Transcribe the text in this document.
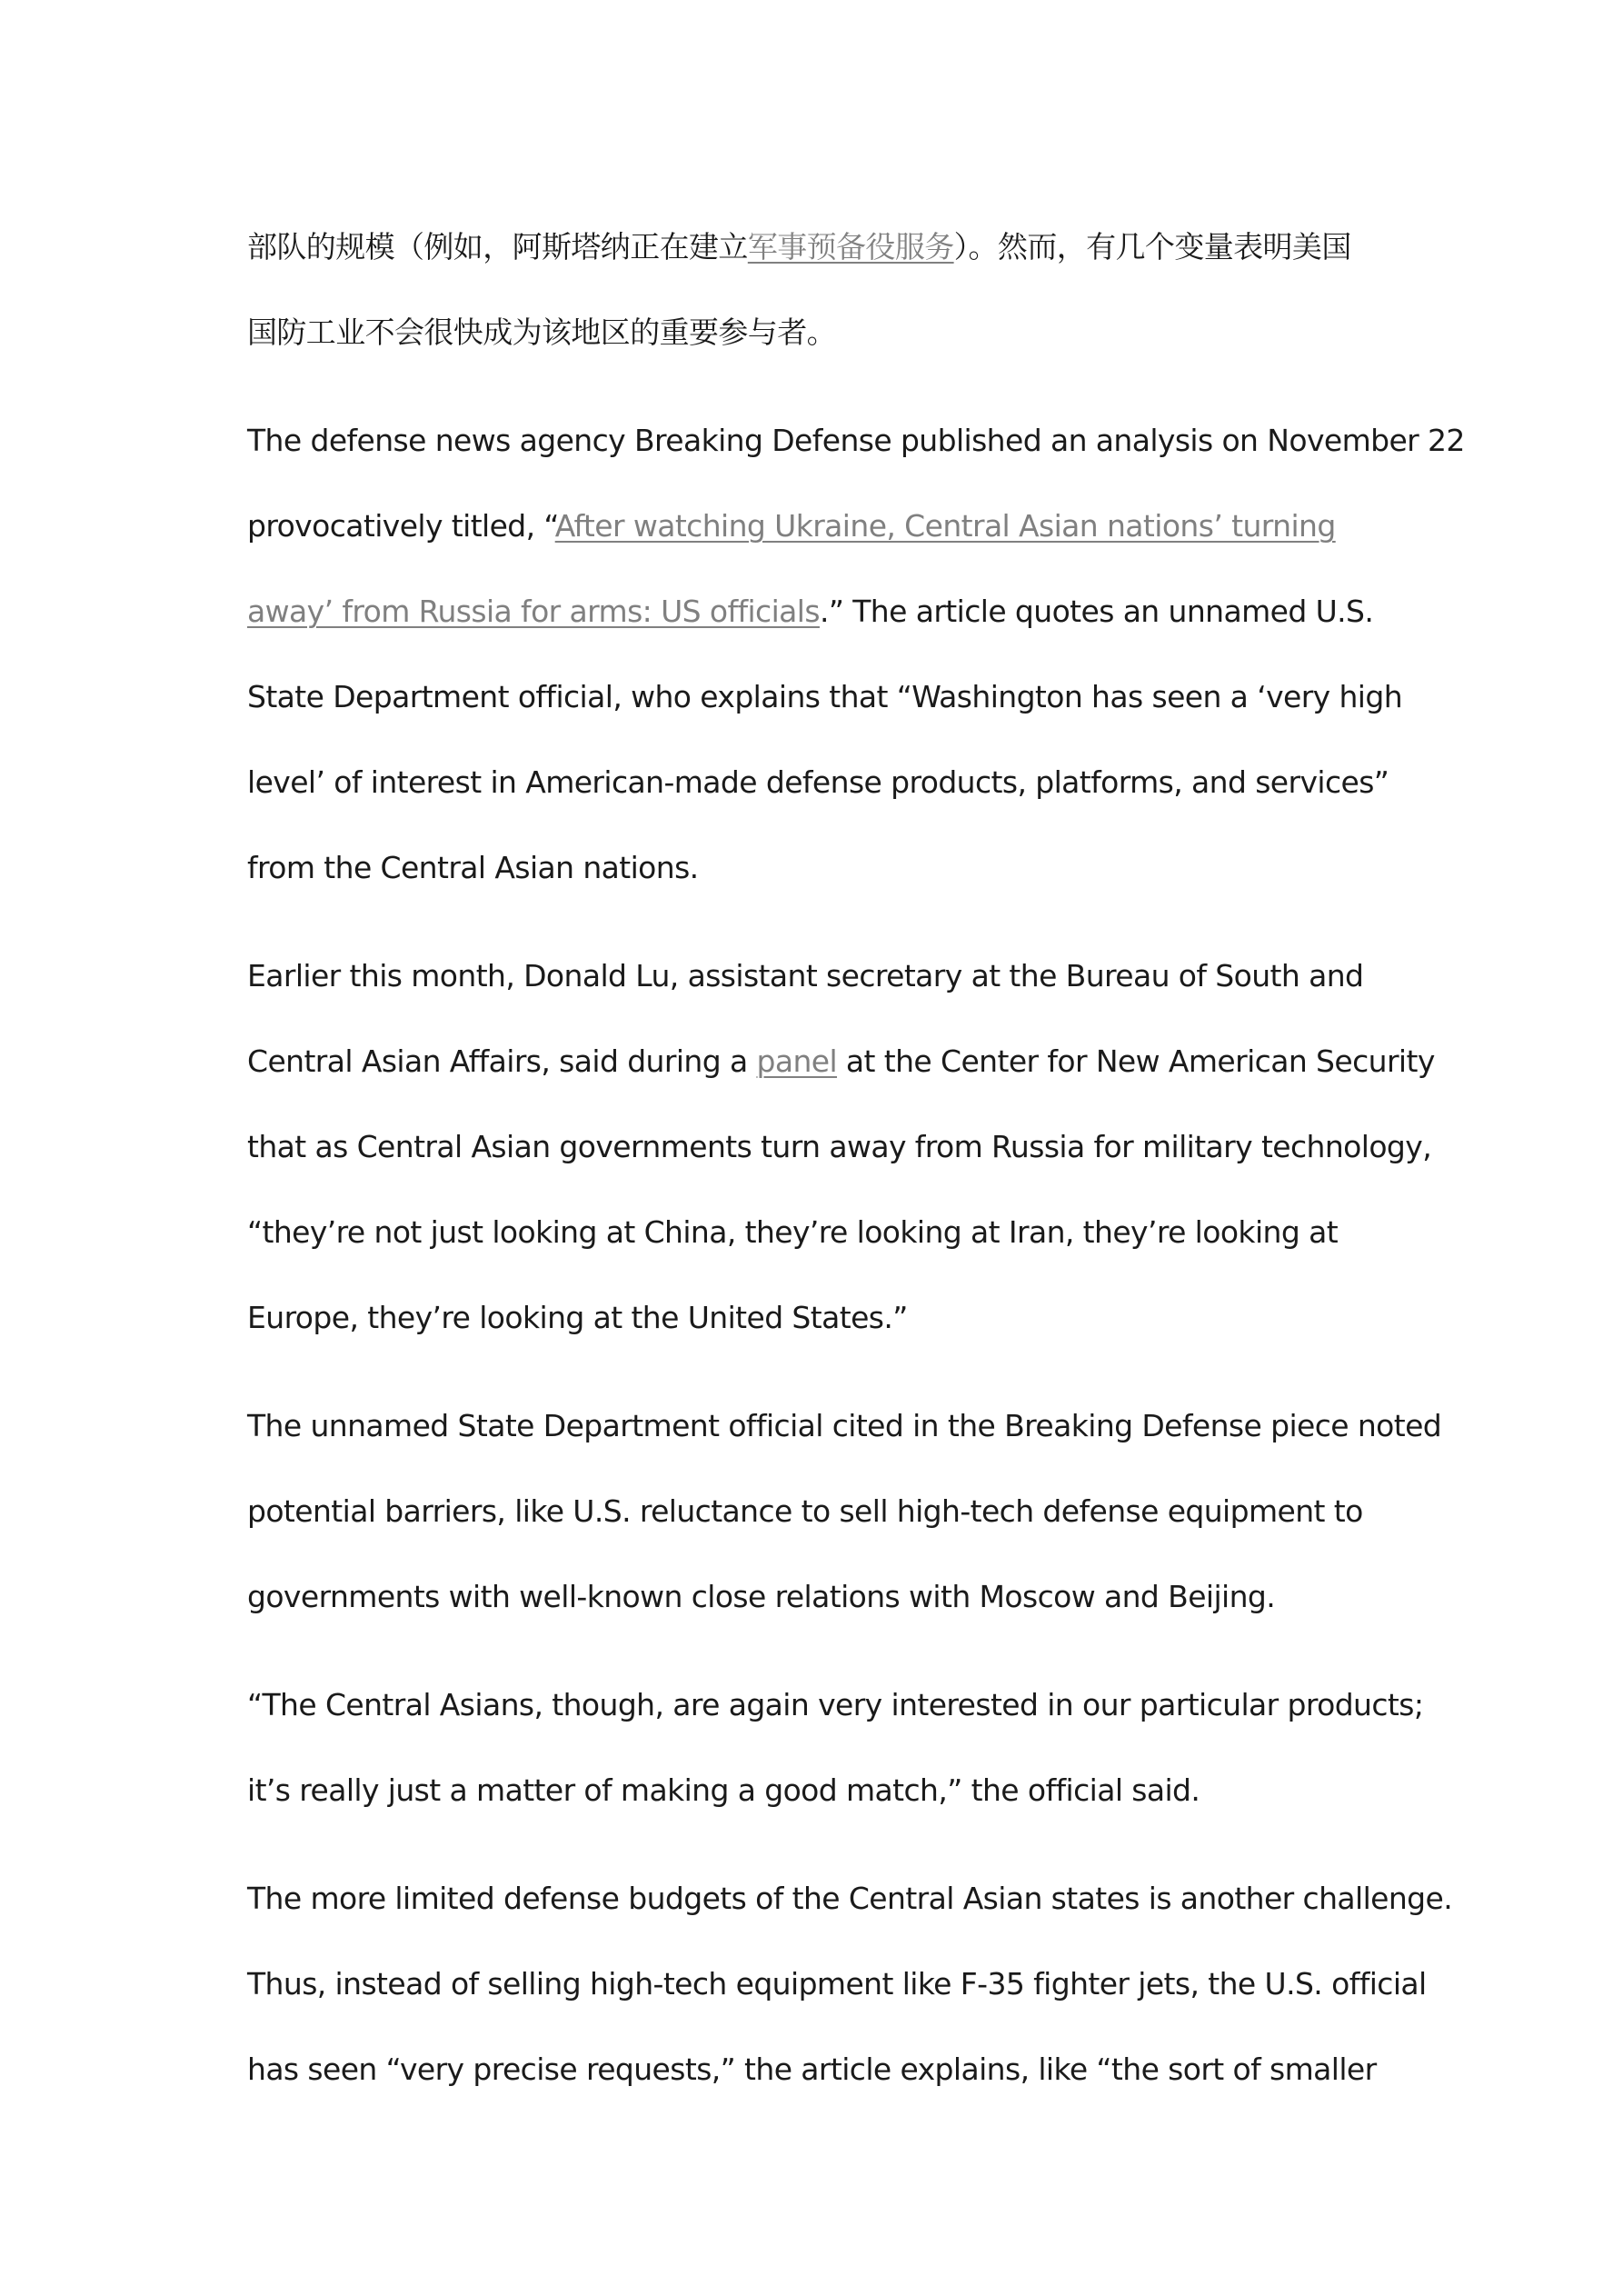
部队的规模（例如，阿斯塔纳正在建立军事预备役服务）。然而，有几个变量表明美国
国防工业不会很快成为该地区的重要参与者。

The defense news agency Breaking Defense published an analysis on November 22
provocatively titled, “After watching Ukraine, Central Asian nations’ turning
away’ from Russia for arms: US officials.” The article quotes an unnamed U.S.
State Department official, who explains that “Washington has seen a ‘very high
level’ of interest in American-made defense products, platforms, and services”
from the Central Asian nations.

Earlier this month, Donald Lu, assistant secretary at the Bureau of South and
Central Asian Affairs, said during a panel at the Center for New American Security
that as Central Asian governments turn away from Russia for military technology,
“they’re not just looking at China, they’re looking at Iran, they’re looking at
Europe, they’re looking at the United States.”

The unnamed State Department official cited in the Breaking Defense piece noted
potential barriers, like U.S. reluctance to sell high-tech defense equipment to
governments with well-known close relations with Moscow and Beijing.

“The Central Asians, though, are again very interested in our particular products;
it’s really just a matter of making a good match,” the official said.

The more limited defense budgets of the Central Asian states is another challenge.
Thus, instead of selling high-tech equipment like F-35 fighter jets, the U.S. official
has seen “very precise requests,” the article explains, like “the sort of smaller
